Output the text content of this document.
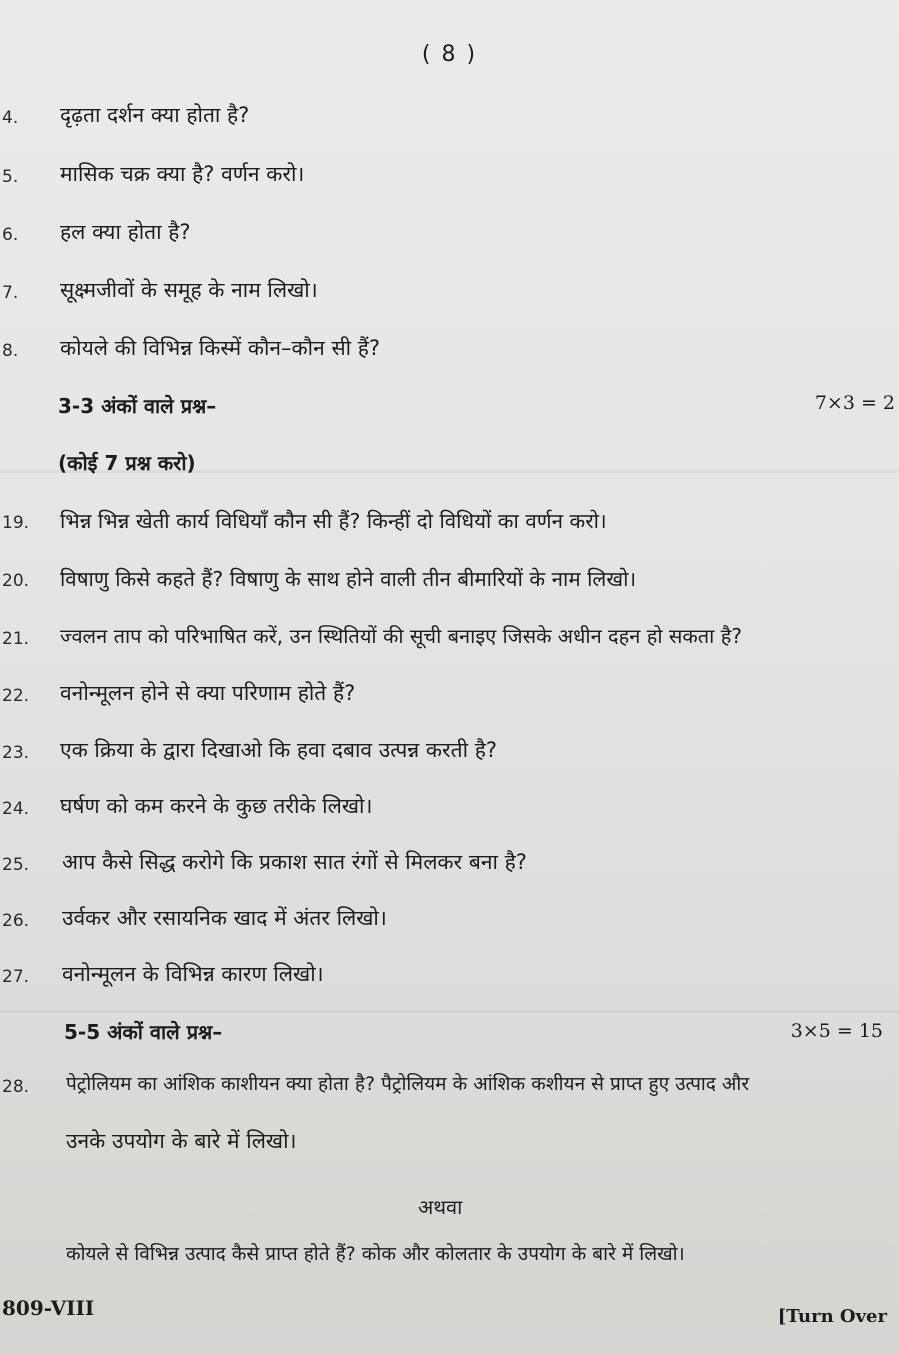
( 8 )
4. दृढ़ता दर्शन क्या होता है?
5. मासिक चक्र क्या है? वर्णन करो।
6. हल क्या होता है?
7. सूक्ष्मजीवों के समूह के नाम लिखो।
8. कोयले की विभिन्न किस्में कौन–कौन सी हैं?
3-3 अंकों वाले प्रश्न–	7×3 = 2
(कोई 7 प्रश्न करो)
19. भिन्न भिन्न खेती कार्य विधियाँ कौन सी हैं? किन्हीं दो विधियों का वर्णन करो।
20. विषाणु किसे कहते हैं? विषाणु के साथ होने वाली तीन बीमारियों के नाम लिखो।
21. ज्वलन ताप को परिभाषित करें, उन स्थितियों की सूची बनाइए जिसके अधीन दहन हो सकता है?
22. वनोन्मूलन होने से क्या परिणाम होते हैं?
23. एक क्रिया के द्वारा दिखाओ कि हवा दबाव उत्पन्न करती है?
24. घर्षण को कम करने के कुछ तरीके लिखो।
25. आप कैसे सिद्ध करोगे कि प्रकाश सात रंगों से मिलकर बना है?
26. उर्वकर और रसायनिक खाद में अंतर लिखो।
27. वनोन्मूलन के विभिन्न कारण लिखो।
5-5 अंकों वाले प्रश्न–	3×5 = 15
28. पेट्रोलियम का आंशिक काशीयन क्या होता है? पैट्रोलियम के आंशिक कशीयन से प्राप्त हुए उत्पाद और
उनके उपयोग के बारे में लिखो।
अथवा
कोयले से विभिन्न उत्पाद कैसे प्राप्त होते हैं? कोक और कोलतार के उपयोग के बारे में लिखो।
809-VIII	[Turn Over
